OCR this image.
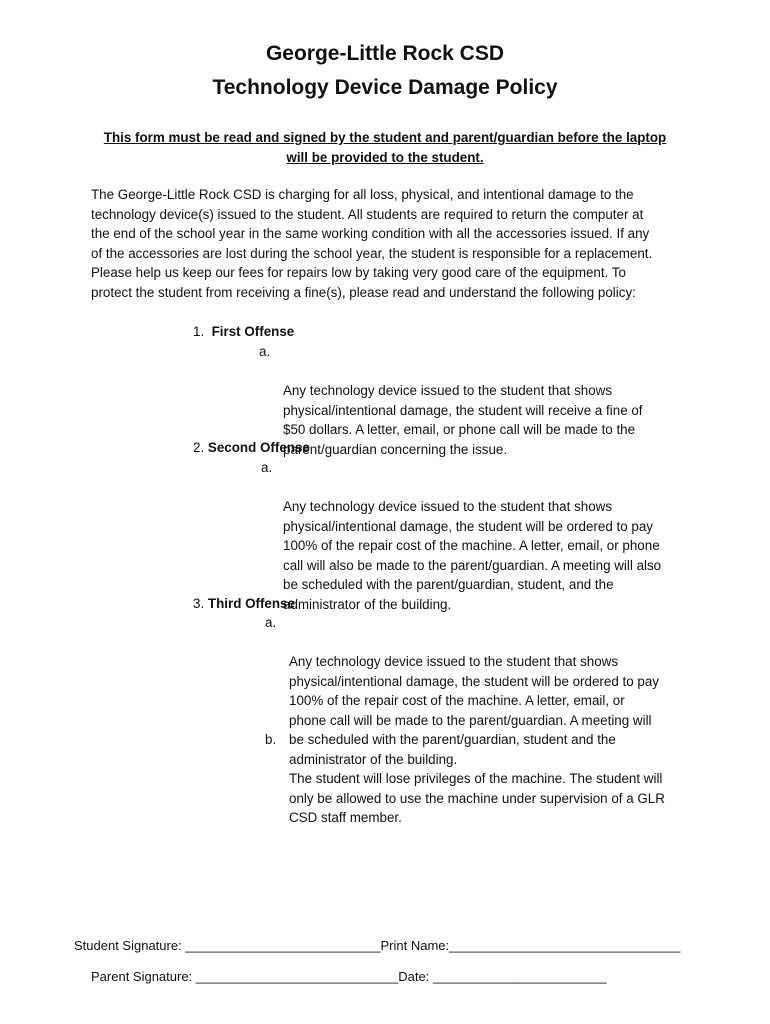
George-Little Rock CSD
Technology Device Damage Policy
This form must be read and signed by the student and parent/guardian before the laptop
will be provided to the student.
The George-Little Rock CSD is charging for all loss, physical, and intentional damage to the
technology device(s) issued to the student. All students are required to return the computer at
the end of the school year in the same working condition with all the accessories issued. If any
of the accessories are lost during the school year, the student is responsible for a replacement.
Please help us keep our fees for repairs low by taking very good care of the equipment. To
protect the student from receiving a fine(s), please read and understand the following policy:
1. First Offense

a.

Any technology device issued to the student that shows
physical/intentional damage, the student will receive a fine of
$50 dollars. A letter, email, or phone call will be made to the
parent/guardian concerning the issue.

2. Second Offense

a.

Any technology device issued to the student that shows
physical/intentional damage, the student will be ordered to pay
100% of the repair cost of the machine. A letter, email, or phone
call will also be made to the parent/guardian. A meeting will also
be scheduled with the parent/guardian, student, and the
administrator of the building.

3. Third Offense

a.

Any technology device issued to the student that shows
physical/intentional damage, the student will be ordered to pay
100% of the repair cost of the machine. A letter, email, or
phone call will be made to the parent/guardian. A meeting will
be scheduled with the parent/guardian, student and the
administrator of the building.

b.

The student will lose privileges of the machine. The student will
only be allowed to use the machine under supervision of a GLR
CSD staff member.

Student Signature: ___________________________Print Name:________________________________
Parent Signature: ____________________________Date: ________________________
